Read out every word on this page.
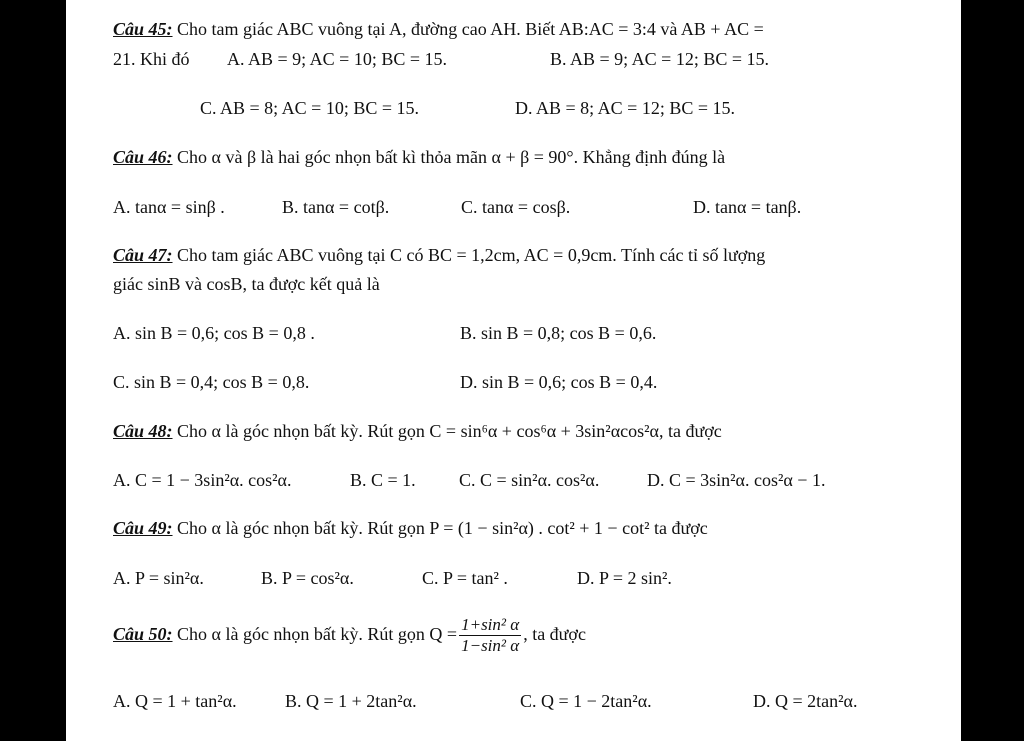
Câu 45: Cho tam giác ABC vuông tại A, đường cao AH. Biết AB:AC = 3:4 và AB + AC =
21. Khi đó A. AB = 9; AC = 10; BC = 15.	B. AB = 9; AC = 12; BC = 15.
C. AB = 8; AC = 10; BC = 15.	D. AB = 8; AC = 12; BC = 15.
Câu 46: Cho α và β là hai góc nhọn bất kì thỏa mãn α + β = 90°. Khẳng định đúng là
A. tanα = sinβ .	B. tanα = cotβ.	C. tanα = cosβ.	D. tanα = tanβ.
Câu 47: Cho tam giác ABC vuông tại C có BC = 1,2cm, AC = 0,9cm. Tính các tỉ số lượng
giác sinB và cosB, ta được kết quả là
A. sin B = 0,6; cos B = 0,8 .	B. sin B = 0,8; cos B = 0,6.
C. sin B = 0,4; cos B = 0,8.	D. sin B = 0,6; cos B = 0,4.
Câu 48: Cho α là góc nhọn bất kỳ. Rút gọn C = sin⁶α + cos⁶α + 3sin²αcos²α, ta được
A. C = 1 − 3sin²α. cos²α.	B. C = 1. C. C = sin²α. cos²α.	D. C = 3sin²α. cos²α − 1.
Câu 49: Cho α là góc nhọn bất kỳ. Rút gọn P = (1 − sin²α) . cot² + 1 − cot² ta được
A. P = sin²α.	B. P = cos²α.	C. P = tan² .	D. P = 2 sin².
Câu 50: Cho α là góc nhọn bất kỳ. Rút gọn $Q = \frac{\text{1+sin² α}}{\text{1−sin² α}}$ , ta được
A. Q = 1 + tan²α.	B. Q = 1 + 2tan²α.	C. Q = 1 − 2tan²α.	D. Q = 2tan²α.
